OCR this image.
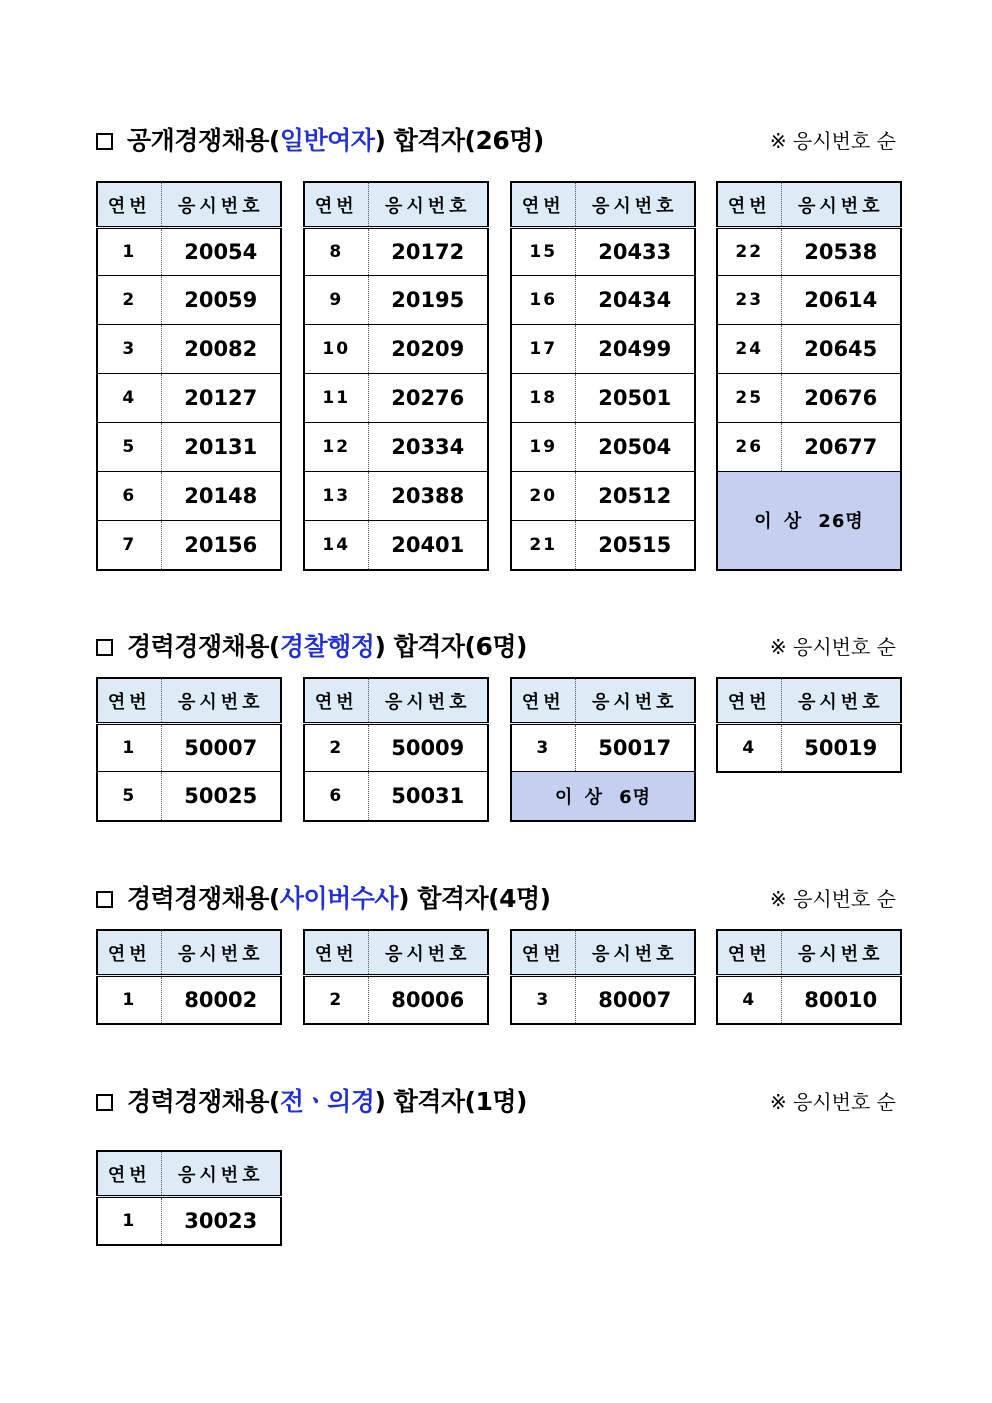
공개경쟁채용(일반여자) 합격자(26명)	※ 응시번호 순
연번	응시번호
1	20054
2	20059
3	20082
4	20127
5	20131
6	20148
7	20156
연번	응시번호
8	20172
9	20195
10	20209
11	20276
12	20334
13	20388
14	20401
연번	응시번호
15	20433
16	20434
17	20499
18	20501
19	20504
20	20512
21	20515
연번	응시번호
22	20538
23	20614
24	20645
25	20676
26	20677
이 상 26명	
경력경쟁채용(경찰행정) 합격자(6명)	※ 응시번호 순
연번	응시번호
1	50007
5	50025
연번	응시번호
2	50009
6	50031
연번	응시번호
3	50017
이 상 6명	
연번	응시번호
4	50019
경력경쟁채용(사이버수사) 합격자(4명)	※ 응시번호 순
연번	응시번호
1	80002
연번	응시번호
2	80006
연번	응시번호
3	80007
연번	응시번호
4	80010
경력경쟁채용(전ㆍ의경) 합격자(1명)	※ 응시번호 순
연번	응시번호
1	30023
